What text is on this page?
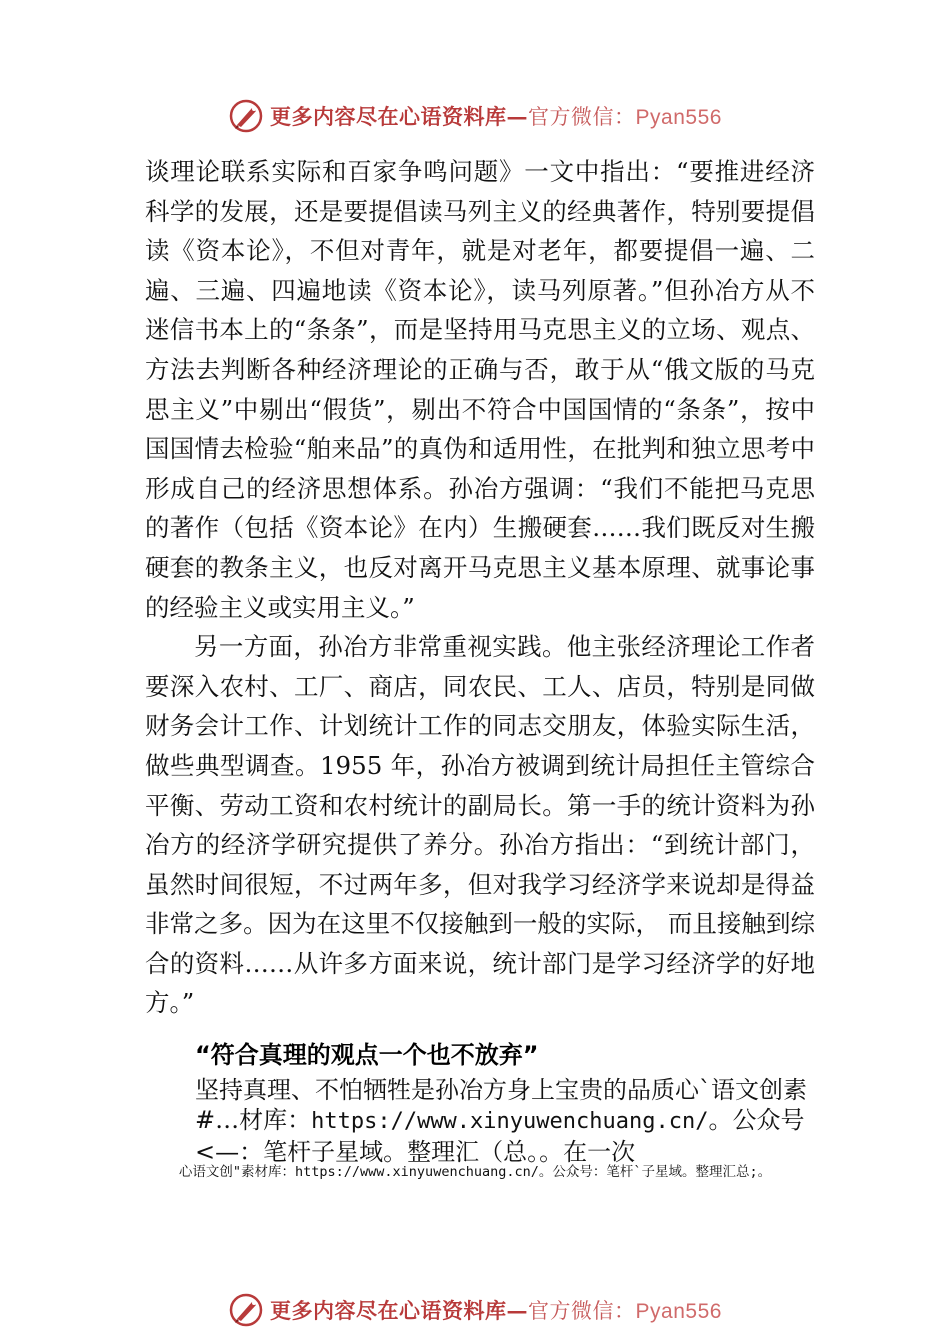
更多内容尽在心语资料库—官方微信：Pyan556

谈理论联系实际和百家争鸣问题》一文中指出：“要推进经济科学的发展，还是要提倡读马列主义的经典著作，特别要提倡读《资本论》，不但对青年，就是对老年，都要提倡一遍、二遍、三遍、四遍地读《资本论》，读马列原著。”但孙冶方从不迷信书本上的“条条”，而是坚持用马克思主义的立场、观点、方法去判断各种经济理论的正确与否，敢于从“俄文版的马克思主义”中剔出“假货”，剔出不符合中国国情的“条条”，按中国国情去检验“舶来品”的真伪和适用性，在批判和独立思考中形成自己的经济思想体系。孙冶方强调：“我们不能把马克思的著作（包括《资本论》在内）生搬硬套……我们既反对生搬硬套的教条主义，也反对离开马克思主义基本原理、就事论事的经验主义或实用主义。”

另一方面，孙冶方非常重视实践。他主张经济理论工作者要深入农村、工厂、商店，同农民、工人、店员，特别是同做财务会计工作、计划统计工作的同志交朋友，体验实际生活，做些典型调查。1955 年，孙冶方被调到统计局担任主管综合平衡、劳动工资和农村统计的副局长。第一手的统计资料为孙冶方的经济学研究提供了养分。孙冶方指出：“到统计部门，虽然时间很短，不过两年多，但对我学习经济学来说却是得益非常之多。因为在这里不仅接触到一般的实际， 而且接触到综合的资料……从许多方面来说，统计部门是学习经济学的好地方。”

“符合真理的观点一个也不放弃”
坚持真理、不怕牺牲是孙冶方身上宝贵的品质心`语文创素#…材库：https://www.xinyuwenchuang.cn/。公众号<—：笔杆子星域。整理汇（总。。在一次
心语文创"素材库：https://www.xinyuwenchuang.cn/。公众号：笔杆`子星域。整理汇总;。
更多内容尽在心语资料库—官方微信：Pyan556
